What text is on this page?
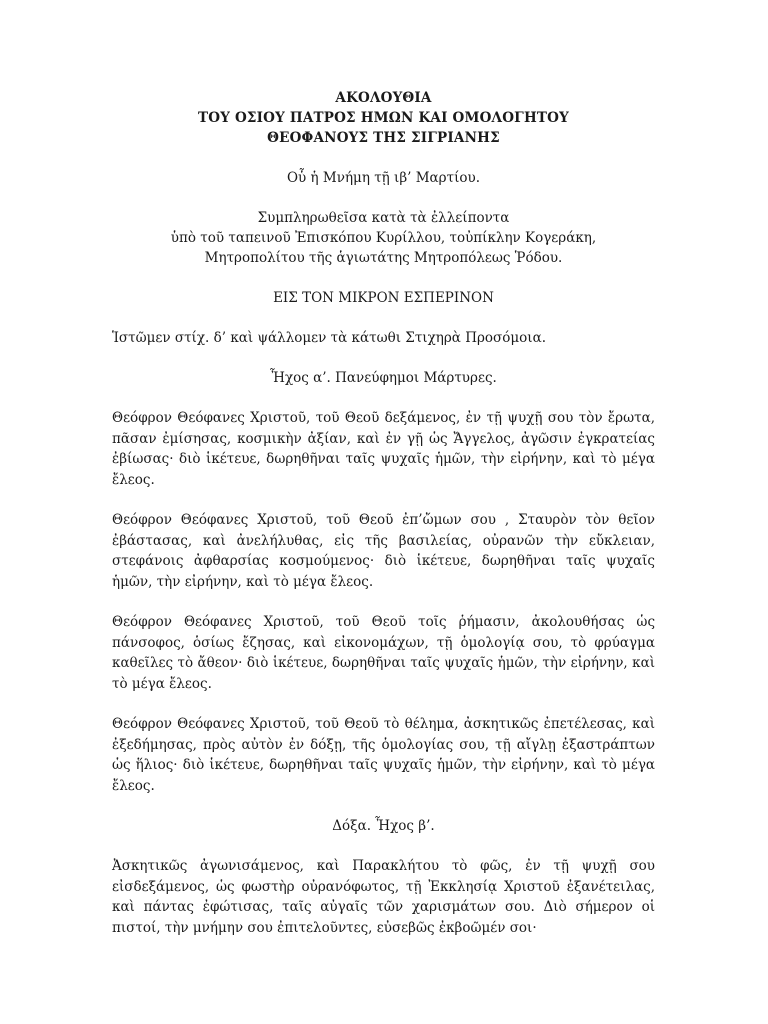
ΑΚΟΛΟΥΘΙΑ
ΤΟΥ ΟΣΙΟΥ ΠΑΤΡΟΣ ΗΜΩΝ ΚΑΙ ΟΜΟΛΟΓΗΤΟΥ
ΘΕΟΦΑΝΟΥΣ ΤΗΣ ΣΙΓΡΙΑΝΗΣ
Οὗ ἡ Μνήμη τῇ ιβ’ Μαρτίου.
Συμπληρωθεῖσα κατὰ τὰ ἐλλείποντα
ὑπὸ τοῦ ταπεινοῦ Ἐπισκόπου Κυρίλλου, τοὐπίκλην Κογεράκη,
Μητροπολίτου τῆς ἁγιωτάτης Μητροπόλεως Ῥόδου.
ΕΙΣ ΤΟΝ ΜΙΚΡΟΝ ΕΣΠΕΡΙΝΟΝ
Ἱστῶμεν στίχ. δ’ καὶ ψάλλομεν τὰ κάτωθι Στιχηρὰ Προσόμοια.
Ἦχος α’. Πανεύφημοι Μάρτυρες.

Θεόφρον Θεόφανες Χριστοῦ, τοῦ Θεοῦ δεξάμενος, ἐν τῇ ψυχῇ σου τὸν ἔρωτα, πᾶσαν ἐμίσησας, κοσμικὴν ἀξίαν, καὶ ἐν γῇ ὡς Ἄγγελος, ἀγῶσιν ἐγκρατείας ἐβίωσας· διὸ ἱκέτευε, δωρηθῆναι ταῖς ψυχαῖς ἡμῶν, τὴν εἰρήνην, καὶ τὸ μέγα ἔλεος.

Θεόφρον Θεόφανες Χριστοῦ, τοῦ Θεοῦ ἐπ’ὤμων σου , Σταυρὸν τὸν θεῖον ἐβάστασας, καὶ ἀνελήλυθας, εἰς τῆς βασιλείας, οὐρανῶν τὴν εὔκλειαν, στεφάνοις ἀφθαρσίας κοσμούμενος· διὸ ἱκέτευε, δωρηθῆναι ταῖς ψυχαῖς ἡμῶν, τὴν εἰρήνην, καὶ τὸ μέγα ἔλεος.

Θεόφρον Θεόφανες Χριστοῦ, τοῦ Θεοῦ τοῖς ῥήμασιν, ἀκολουθήσας ὡς πάνσοφος, ὁσίως ἔζησας, καὶ εἰκονομάχων, τῇ ὁμολογίᾳ σου, τὸ φρύαγμα καθεῖλες τὸ ἄθεον· διὸ ἱκέτευε, δωρηθῆναι ταῖς ψυχαῖς ἡμῶν, τὴν εἰρήνην, καὶ τὸ μέγα ἔλεος.

Θεόφρον Θεόφανες Χριστοῦ, τοῦ Θεοῦ τὸ θέλημα, ἀσκητικῶς ἐπετέλεσας, καὶ ἐξεδήμησας, πρὸς αὐτὸν ἐν δόξῃ, τῆς ὁμολογίας σου, τῇ αἴγλῃ ἐξαστράπτων ὡς ἥλιος· διὸ ἱκέτευε, δωρηθῆναι ταῖς ψυχαῖς ἡμῶν, τὴν εἰρήνην, καὶ τὸ μέγα ἔλεος.

Δόξα. Ἦχος β’.

Ἀσκητικῶς ἀγωνισάμενος, καὶ Παρακλήτου τὸ φῶς, ἐν τῇ ψυχῇ σου εἰσδεξάμενος, ὡς φωστὴρ οὐρανόφωτος, τῇ Ἐκκλησίᾳ Χριστοῦ ἐξανέτειλας, καὶ πάντας ἐφώτισας, ταῖς αὐγαῖς τῶν χαρισμάτων σου. Διὸ σήμερον οἱ πιστοί, τὴν μνήμην σου ἐπιτελοῦντες, εὐσεβῶς ἐκβοῶμέν σοι·
